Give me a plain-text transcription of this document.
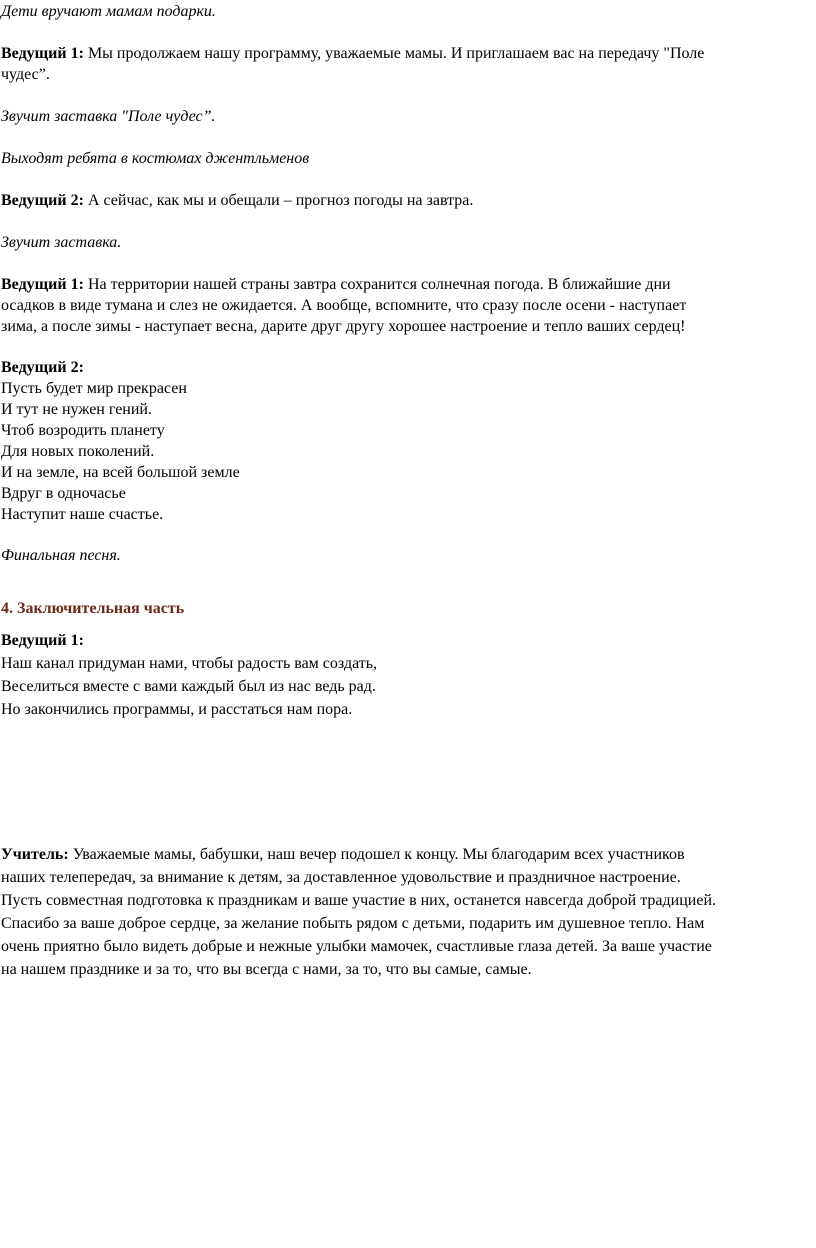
Дети вручают мамам подарки.
Ведущий 1: Мы продолжаем нашу программу, уважаемые мамы. И приглашаем вас на передачу "Поле
чудес”.
Звучит заставка "Поле чудес”.
Выходят ребята в костюмах джентльменов
Ведущий 2: А сейчас, как мы и обещали – прогноз погоды на завтра.
Звучит заставка.
Ведущий 1: На территории нашей страны завтра сохранится солнечная погода. В ближайшие дни
осадков в виде тумана и слез не ожидается. А вообще, вспомните, что сразу после осени - наступает
зима, а после зимы - наступает весна, дарите друг другу хорошее настроение и тепло ваших сердец!
Ведущий 2:
Пусть будет мир прекрасен
И тут не нужен гений.
Чтоб возродить планету
Для новых поколений.
И на земле, на всей большой земле
Вдруг в одночасье
Наступит наше счастье.
Финальная песня.
4. Заключительная часть
Ведущий 1:
Наш канал придуман нами, чтобы радость вам создать,
Веселиться вместе с вами каждый был из нас ведь рад.
Но закончились программы, и расстаться нам пора.
Учитель: Уважаемые мамы, бабушки, наш вечер подошел к концу. Мы благодарим всех участников
наших телепередач, за внимание к детям, за доставленное удовольствие и праздничное настроение.
Пусть совместная подготовка к праздникам и ваше участие в них, останется навсегда доброй традицией.
Спасибо за ваше доброе сердце, за желание побыть рядом с детьми, подарить им душевное тепло. Нам
очень приятно было видеть добрые и нежные улыбки мамочек, счастливые глаза детей. За ваше участие
на нашем празднике и за то, что вы всегда с нами, за то, что вы самые, самые.
